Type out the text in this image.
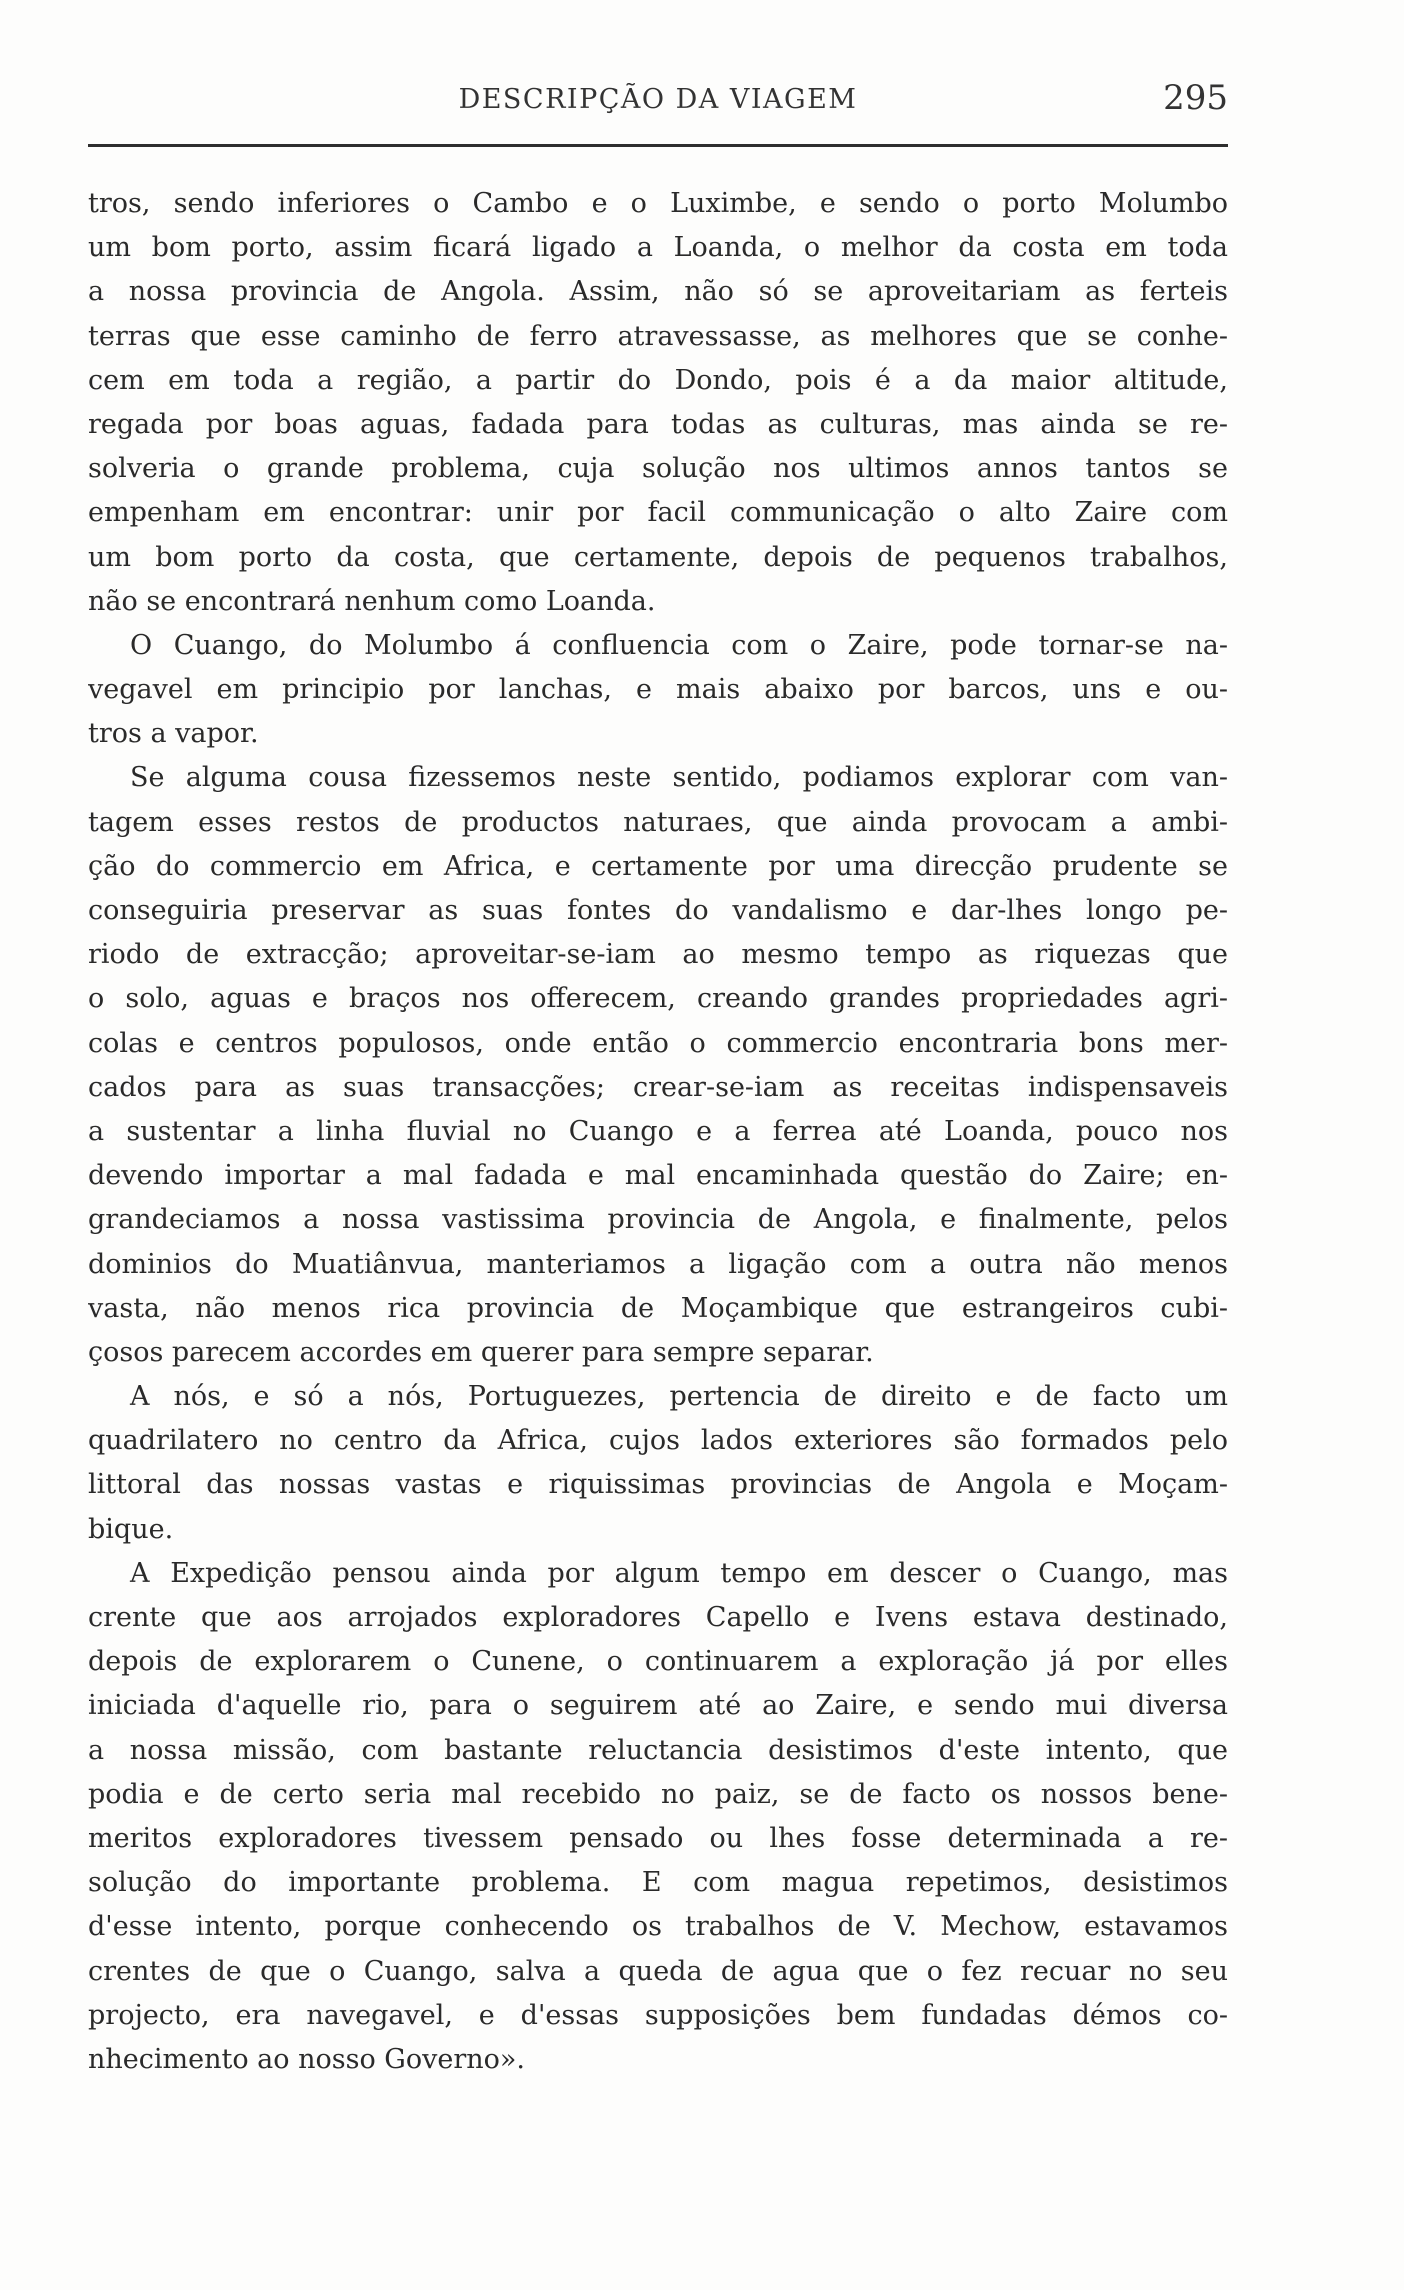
DESCRIPÇÃO DA VIAGEM	295
tros, sendo inferiores o Cambo e o Luximbe, e sendo o porto Molumbo
um bom porto, assim ficará ligado a Loanda, o melhor da costa em toda
a nossa provincia de Angola. Assim, não só se aproveitariam as ferteis
terras que esse caminho de ferro atravessasse, as melhores que se conhe-
cem em toda a região, a partir do Dondo, pois é a da maior altitude,
regada por boas aguas, fadada para todas as culturas, mas ainda se re-
solveria o grande problema, cuja solução nos ultimos annos tantos se
empenham em encontrar: unir por facil communicação o alto Zaire com
um bom porto da costa, que certamente, depois de pequenos trabalhos,
não se encontrará nenhum como Loanda.
O Cuango, do Molumbo á confluencia com o Zaire, pode tornar-se na-
vegavel em principio por lanchas, e mais abaixo por barcos, uns e ou-
tros a vapor.
Se alguma cousa fizessemos neste sentido, podiamos explorar com van-
tagem esses restos de productos naturaes, que ainda provocam a ambi-
ção do commercio em Africa, e certamente por uma direcção prudente se
conseguiria preservar as suas fontes do vandalismo e dar-lhes longo pe-
riodo de extracção; aproveitar-se-iam ao mesmo tempo as riquezas que
o solo, aguas e braços nos offerecem, creando grandes propriedades agri-
colas e centros populosos, onde então o commercio encontraria bons mer-
cados para as suas transacções; crear-se-iam as receitas indispensaveis
a sustentar a linha fluvial no Cuango e a ferrea até Loanda, pouco nos
devendo importar a mal fadada e mal encaminhada questão do Zaire; en-
grandeciamos a nossa vastissima provincia de Angola, e finalmente, pelos
dominios do Muatiânvua, manteriamos a ligação com a outra não menos
vasta, não menos rica provincia de Moçambique que estrangeiros cubi-
çosos parecem accordes em querer para sempre separar.
A nós, e só a nós, Portuguezes, pertencia de direito e de facto um
quadrilatero no centro da Africa, cujos lados exteriores são formados pelo
littoral das nossas vastas e riquissimas provincias de Angola e Moçam-
bique.
A Expedição pensou ainda por algum tempo em descer o Cuango, mas
crente que aos arrojados exploradores Capello e Ivens estava destinado,
depois de explorarem o Cunene, o continuarem a exploração já por elles
iniciada d'aquelle rio, para o seguirem até ao Zaire, e sendo mui diversa
a nossa missão, com bastante reluctancia desistimos d'este intento, que
podia e de certo seria mal recebido no paiz, se de facto os nossos bene-
meritos exploradores tivessem pensado ou lhes fosse determinada a re-
solução do importante problema. E com magua repetimos, desistimos
d'esse intento, porque conhecendo os trabalhos de V. Mechow, estavamos
crentes de que o Cuango, salva a queda de agua que o fez recuar no seu
projecto, era navegavel, e d'essas supposições bem fundadas démos co-
nhecimento ao nosso Governo».
